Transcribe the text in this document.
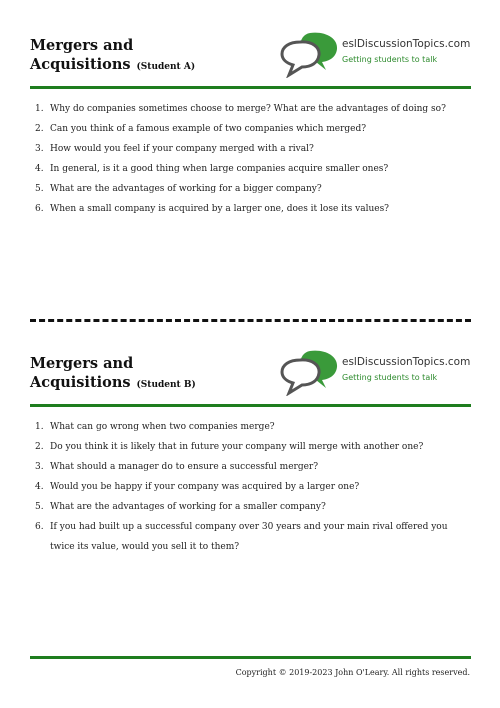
Mergers and
Acquisitions (Student A)
eslDiscussionTopics.com
Getting students to talk
1. Why do companies sometimes choose to merge? What are the advantages of doing so?
2. Can you think of a famous example of two companies which merged?
3. How would you feel if your company merged with a rival?
4. In general, is it a good thing when large companies acquire smaller ones?
5. What are the advantages of working for a bigger company?
6. When a small company is acquired by a larger one, does it lose its values?
Mergers and
Acquisitions (Student B)
eslDiscussionTopics.com
Getting students to talk
1. What can go wrong when two companies merge?
2. Do you think it is likely that in future your company will merge with another one?
3. What should a manager do to ensure a successful merger?
4. Would you be happy if your company was acquired by a larger one?
5. What are the advantages of working for a smaller company?
6. If you had built up a successful company over 30 years and your main rival offered you twice its value, would you sell it to them?
Copyright © 2019-2023 John O'Leary. All rights reserved.
